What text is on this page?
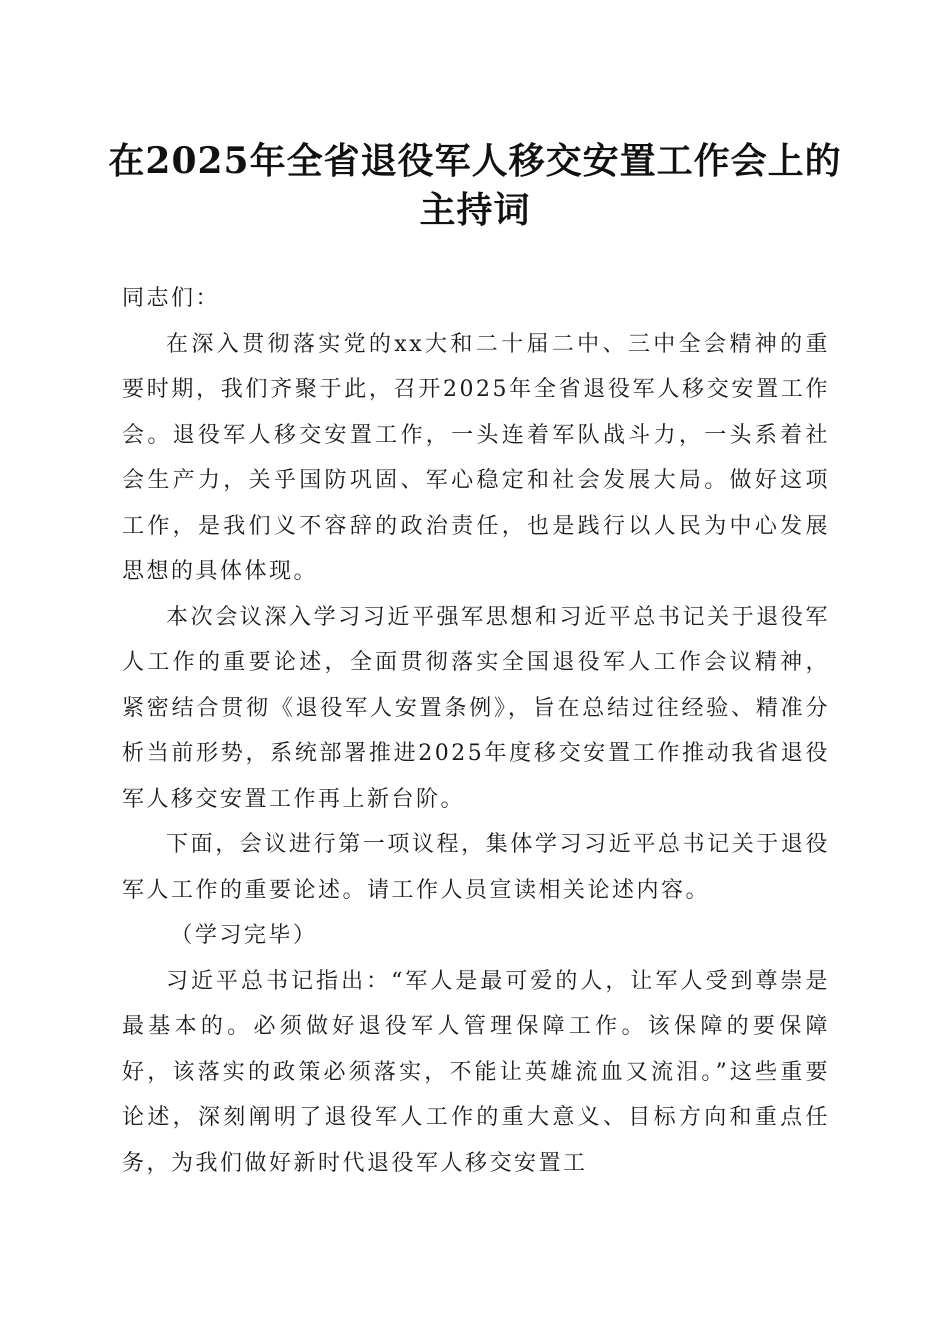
在2025年全省退役军人移交安置工作会上的
主持词

同志们：

在深入贯彻落实党的xx大和二十届二中、三中全会精神的重要时期，我们齐聚于此，召开2025年全省退役军人移交安置工作会。退役军人移交安置工作，一头连着军队战斗力，一头系着社会生产力，关乎国防巩固、军心稳定和社会发展大局。做好这项工作，是我们义不容辞的政治责任，也是践行以人民为中心发展思想的具体体现。

本次会议深入学习习近平强军思想和习近平总书记关于退役军人工作的重要论述，全面贯彻落实全国退役军人工作会议精神，紧密结合贯彻《退役军人安置条例》，旨在总结过往经验、精准分析当前形势，系统部署推进2025年度移交安置工作推动我省退役军人移交安置工作再上新台阶。

下面，会议进行第一项议程，集体学习习近平总书记关于退役军人工作的重要论述。请工作人员宣读相关论述内容。

（学习完毕）

习近平总书记指出：“军人是最可爱的人，让军人受到尊崇是最基本的。必须做好退役军人管理保障工作。该保障的要保障好，该落实的政策必须落实，不能让英雄流血又流泪。”这些重要论述，深刻阐明了退役军人工作的重大意义、目标方向和重点任务，为我们做好新时代退役军人移交安置工
